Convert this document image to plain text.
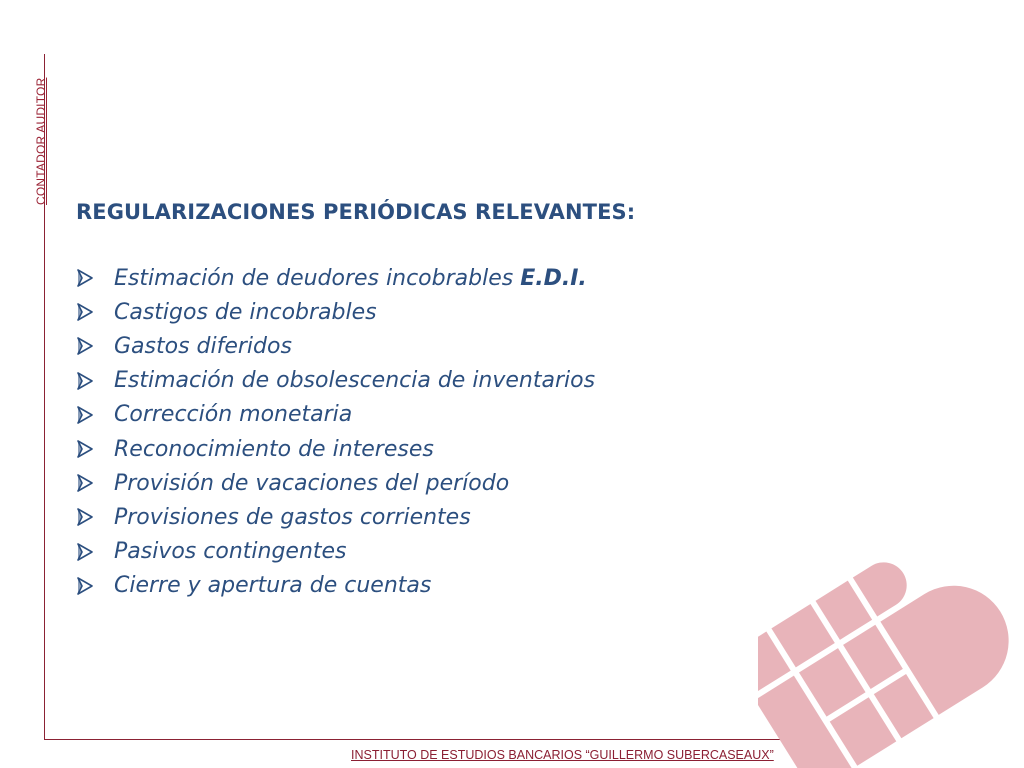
CONTADOR AUDITOR
REGULARIZACIONES PERIÓDICAS RELEVANTES:
Estimación de deudores incobrables E.D.I.
Castigos de incobrables
Gastos diferidos
Estimación de obsolescencia de inventarios
Corrección monetaria
Reconocimiento de intereses
Provisión de vacaciones del período
Provisiones de gastos corrientes
Pasivos contingentes
Cierre y apertura de cuentas
INSTITUTO DE ESTUDIOS BANCARIOS “GUILLERMO SUBERCASEAUX”
